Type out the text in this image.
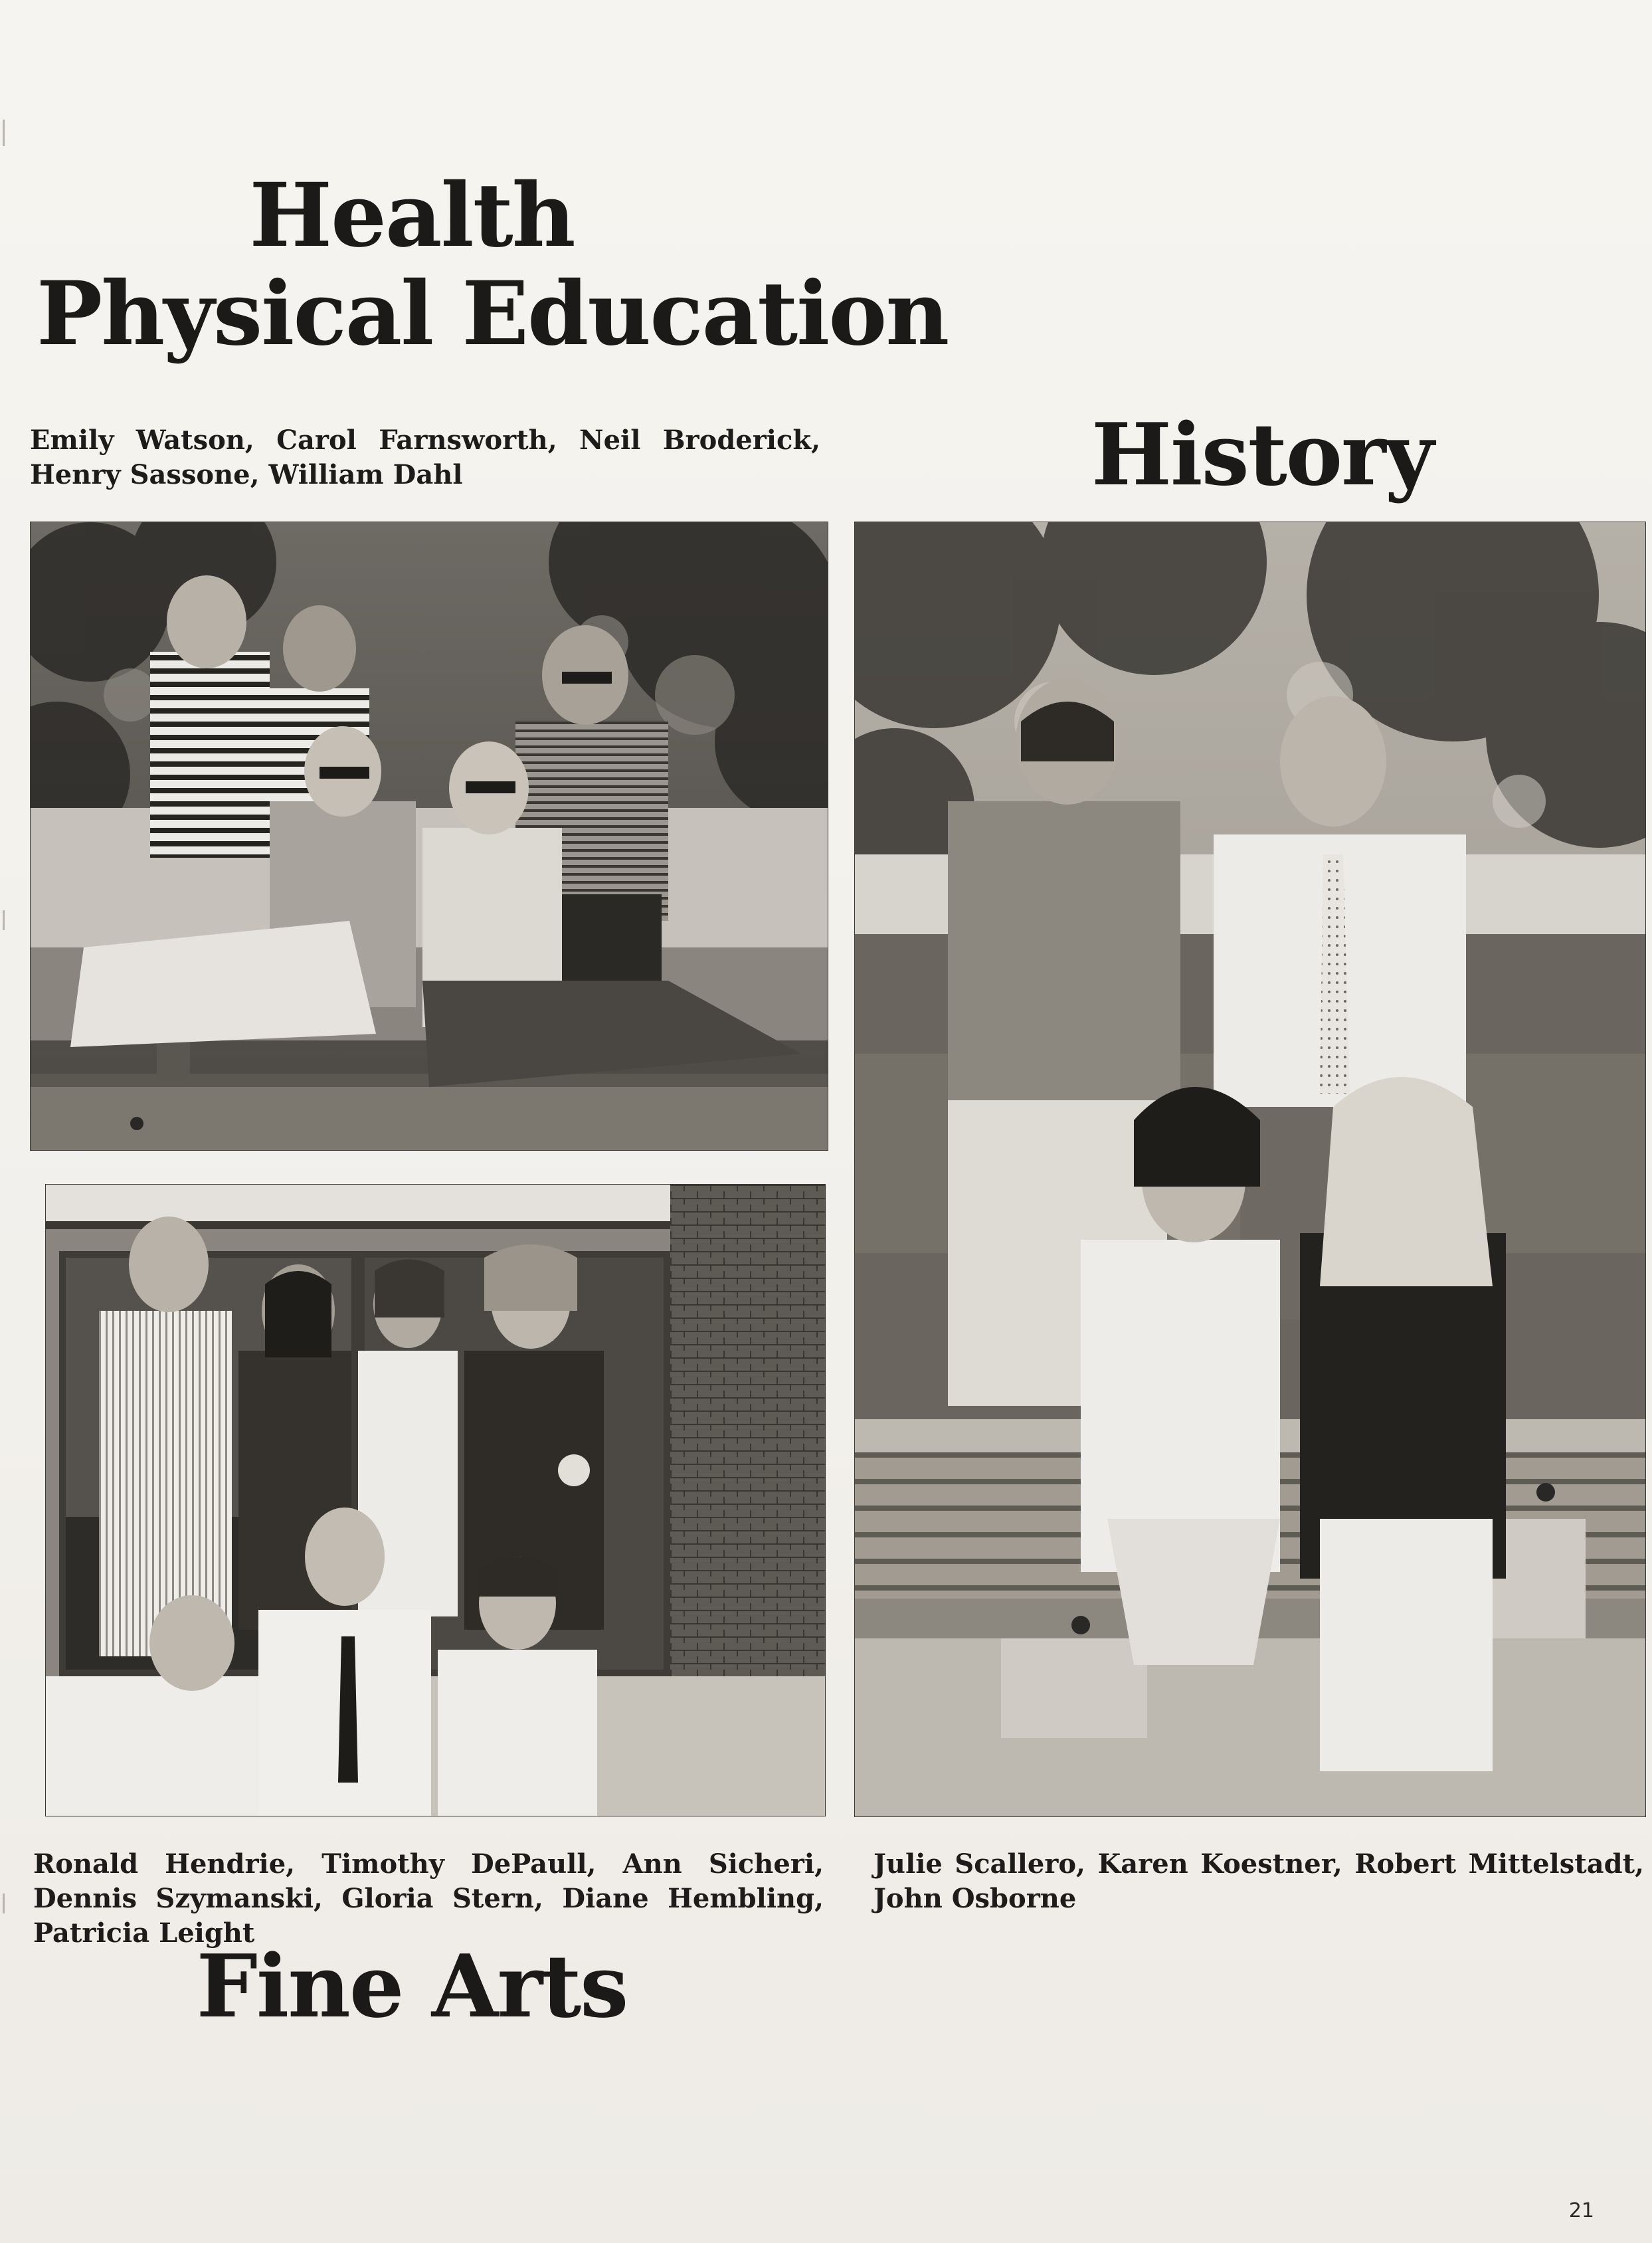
Health
Physical Education
Emily Watson, Carol Farnsworth, Neil Broderick, Henry Sassone, William Dahl	History
Ronald Hendrie, Timothy DePaull, Ann Sicheri, Dennis Szymanski, Gloria Stern, Diane Hembling, Patricia Leight
Julie Scallero, Karen Koestner, Robert Mittelstadt, John Osborne
Fine Arts
21
